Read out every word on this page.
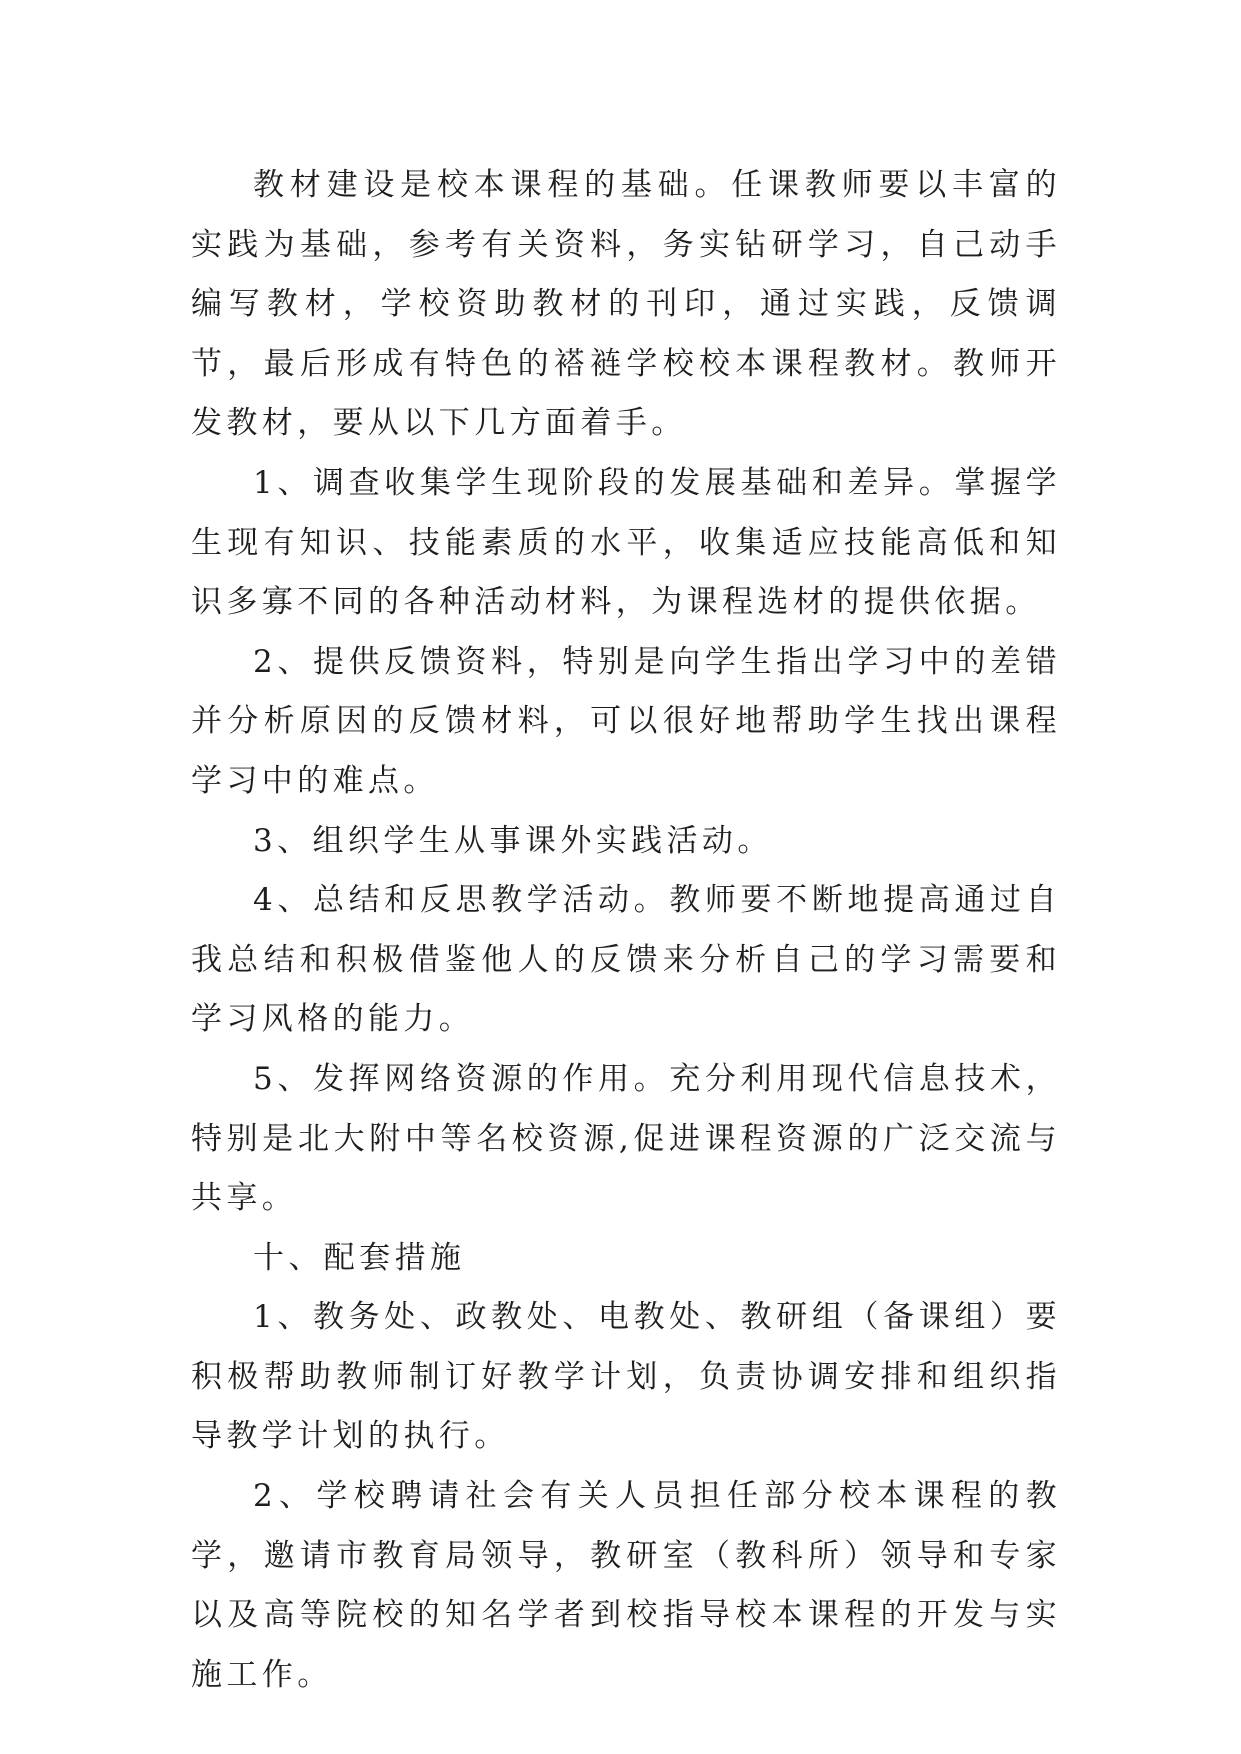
教材建设是校本课程的基础。任课教师要以丰富的实践为基础，参考有关资料，务实钻研学习，自己动手编写教材，学校资助教材的刊印，通过实践，反馈调节，最后形成有特色的褡裢学校校本课程教材。教师开发教材，要从以下几方面着手。

1、调查收集学生现阶段的发展基础和差异。掌握学生现有知识、技能素质的水平，收集适应技能高低和知识多寡不同的各种活动材料，为课程选材的提供依据。

2、提供反馈资料，特别是向学生指出学习中的差错并分析原因的反馈材料，可以很好地帮助学生找出课程学习中的难点。

3、组织学生从事课外实践活动。

4、总结和反思教学活动。教师要不断地提高通过自我总结和积极借鉴他人的反馈来分析自己的学习需要和学习风格的能力。

5、发挥网络资源的作用。充分利用现代信息技术，特别是北大附中等名校资源,促进课程资源的广泛交流与共享。

十、配套措施

1、教务处、政教处、电教处、教研组（备课组）要积极帮助教师制订好教学计划，负责协调安排和组织指导教学计划的执行。

2、学校聘请社会有关人员担任部分校本课程的教学，邀请市教育局领导，教研室（教科所）领导和专家以及高等院校的知名学者到校指导校本课程的开发与实施工作。
